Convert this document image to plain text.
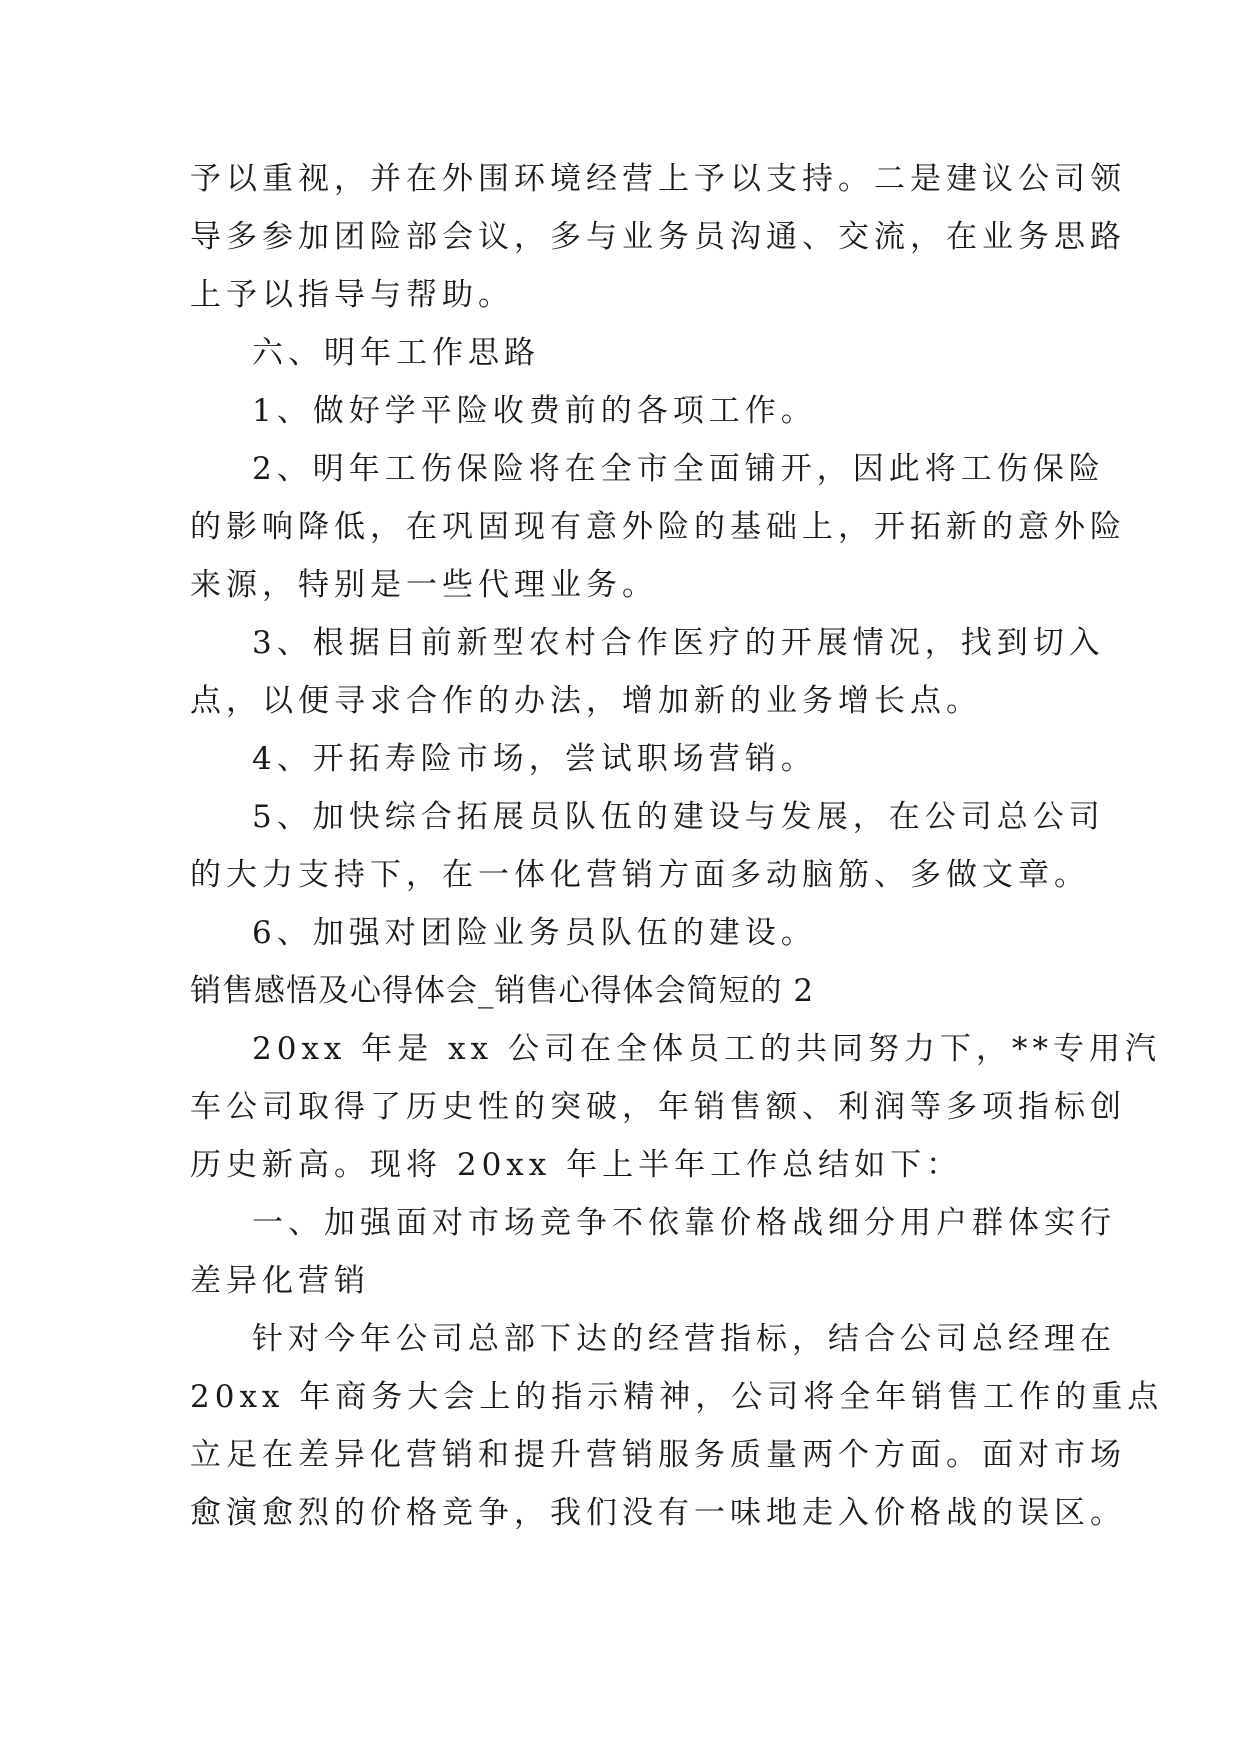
予以重视，并在外围环境经营上予以支持。二是建议公司领

导多参加团险部会议，多与业务员沟通、交流，在业务思路

上予以指导与帮助。

六、明年工作思路

1、做好学平险收费前的各项工作。

2、明年工伤保险将在全市全面铺开，因此将工伤保险

的影响降低，在巩固现有意外险的基础上，开拓新的意外险

来源，特别是一些代理业务。

3、根据目前新型农村合作医疗的开展情况，找到切入

点，以便寻求合作的办法，增加新的业务增长点。

4、开拓寿险市场，尝试职场营销。

5、加快综合拓展员队伍的建设与发展，在公司总公司

的大力支持下，在一体化营销方面多动脑筋、多做文章。

6、加强对团险业务员队伍的建设。

销售感悟及心得体会_销售心得体会简短的 2

20xx 年是 xx 公司在全体员工的共同努力下，**专用汽

车公司取得了历史性的突破，年销售额、利润等多项指标创

历史新高。现将 20xx 年上半年工作总结如下：

一、加强面对市场竞争不依靠价格战细分用户群体实行

差异化营销

针对今年公司总部下达的经营指标，结合公司总经理在

20xx 年商务大会上的指示精神，公司将全年销售工作的重点

立足在差异化营销和提升营销服务质量两个方面。面对市场

愈演愈烈的价格竞争，我们没有一味地走入价格战的误区。
